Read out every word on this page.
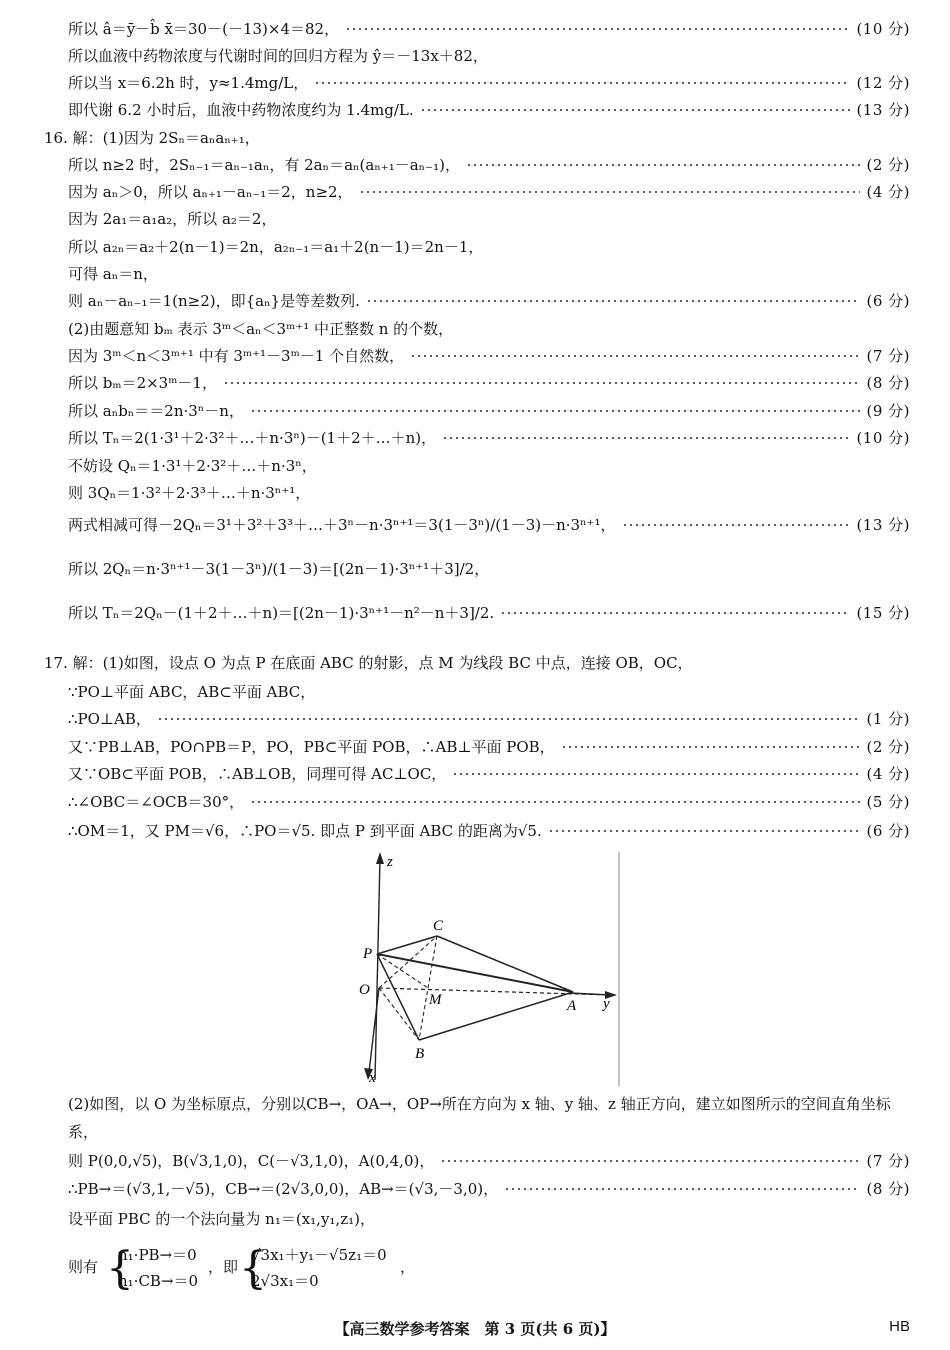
所以 â＝ȳ－b̂ x̄＝30－(－13)×4＝82，	(10 分)
所以血液中药物浓度与代谢时间的回归方程为 ŷ＝－13x＋82，
所以当 x＝6.2h 时，y≈1.4mg/L，	(12 分)
即代谢 6.2 小时后，血液中药物浓度约为 1.4mg/L.	(13 分)
16. 解：(1)因为 2Sₙ＝aₙaₙ₊₁，
所以 n≥2 时，2Sₙ₋₁＝aₙ₋₁aₙ，有 2aₙ＝aₙ(aₙ₊₁－aₙ₋₁)，	(2 分)
因为 aₙ＞0，所以 aₙ₊₁－aₙ₋₁＝2，n≥2，	(4 分)
因为 2a₁＝a₁a₂，所以 a₂＝2，
所以 a₂ₙ＝a₂＋2(n－1)＝2n，a₂ₙ₋₁＝a₁＋2(n－1)＝2n－1，
可得 aₙ＝n，
则 aₙ－aₙ₋₁＝1(n≥2)，即{aₙ}是等差数列.	(6 分)
(2)由题意知 bₘ 表示 3ᵐ＜aₙ＜3ᵐ⁺¹ 中正整数 n 的个数，
因为 3ᵐ＜n＜3ᵐ⁺¹ 中有 3ᵐ⁺¹－3ᵐ－1 个自然数，	(7 分)
所以 bₘ＝2×3ᵐ－1，	(8 分)
所以 aₙbₙ＝＝2n·3ⁿ－n，	(9 分)
所以 Tₙ＝2(1·3¹＋2·3²＋…＋n·3ⁿ)－(1＋2＋…＋n)，	(10 分)
不妨设 Qₙ＝1·3¹＋2·3²＋…＋n·3ⁿ，
则 3Qₙ＝1·3²＋2·3³＋…＋n·3ⁿ⁺¹，
两式相减可得－2Qₙ＝3¹＋3²＋3³＋…＋3ⁿ－n·3ⁿ⁺¹＝3(1－3ⁿ)/(1－3)－n·3ⁿ⁺¹，	(13 分)
所以 2Qₙ＝n·3ⁿ⁺¹－3(1－3ⁿ)/(1－3)＝[(2n－1)·3ⁿ⁺¹＋3]/2，
所以 Tₙ＝2Qₙ－(1＋2＋…＋n)＝[(2n－1)·3ⁿ⁺¹－n²－n＋3]/2.	(15 分)
17. 解：(1)如图，设点 O 为点 P 在底面 ABC 的射影，点 M 为线段 BC 中点，连接 OB，OC，
∵PO⊥平面 ABC，AB⊂平面 ABC，
∴PO⊥AB，	(1 分)
又∵PB⊥AB，PO∩PB＝P，PO，PB⊂平面 POB，∴AB⊥平面 POB，	(2 分)
又∵OB⊂平面 POB，∴AB⊥OB，同理可得 AC⊥OC，	(4 分)
∴∠OBC＝∠OCB＝30°，	(5 分)
∴OM＝1，又 PM＝√6，∴PO＝√5. 即点 P 到平面 ABC 的距离为√5.	(6 分)
z
C
P
O
M	A y
B
x
(2)如图，以 O 为坐标原点，分别以CB→，OA→，OP→所在方向为 x 轴、y 轴、z 轴正方向，建立如图所示的空间直角坐标系，
则 P(0,0,√5)，B(√3,1,0)，C(－√3,1,0)，A(0,4,0)，	(7 分)
∴PB→＝(√3,1,－√5)，CB→＝(2√3,0,0)，AB→＝(√3,－3,0)，	(8 分)
设平面 PBC 的一个法向量为 n₁＝(x₁,y₁,z₁)，
则有 {
n₁·PB→＝0
n₁·CB→＝0
，即 {
√3x₁＋y₁－√5z₁＝0
2√3x₁＝0
，
【高三数学参考答案　第 3 页(共 6 页)】	HB
